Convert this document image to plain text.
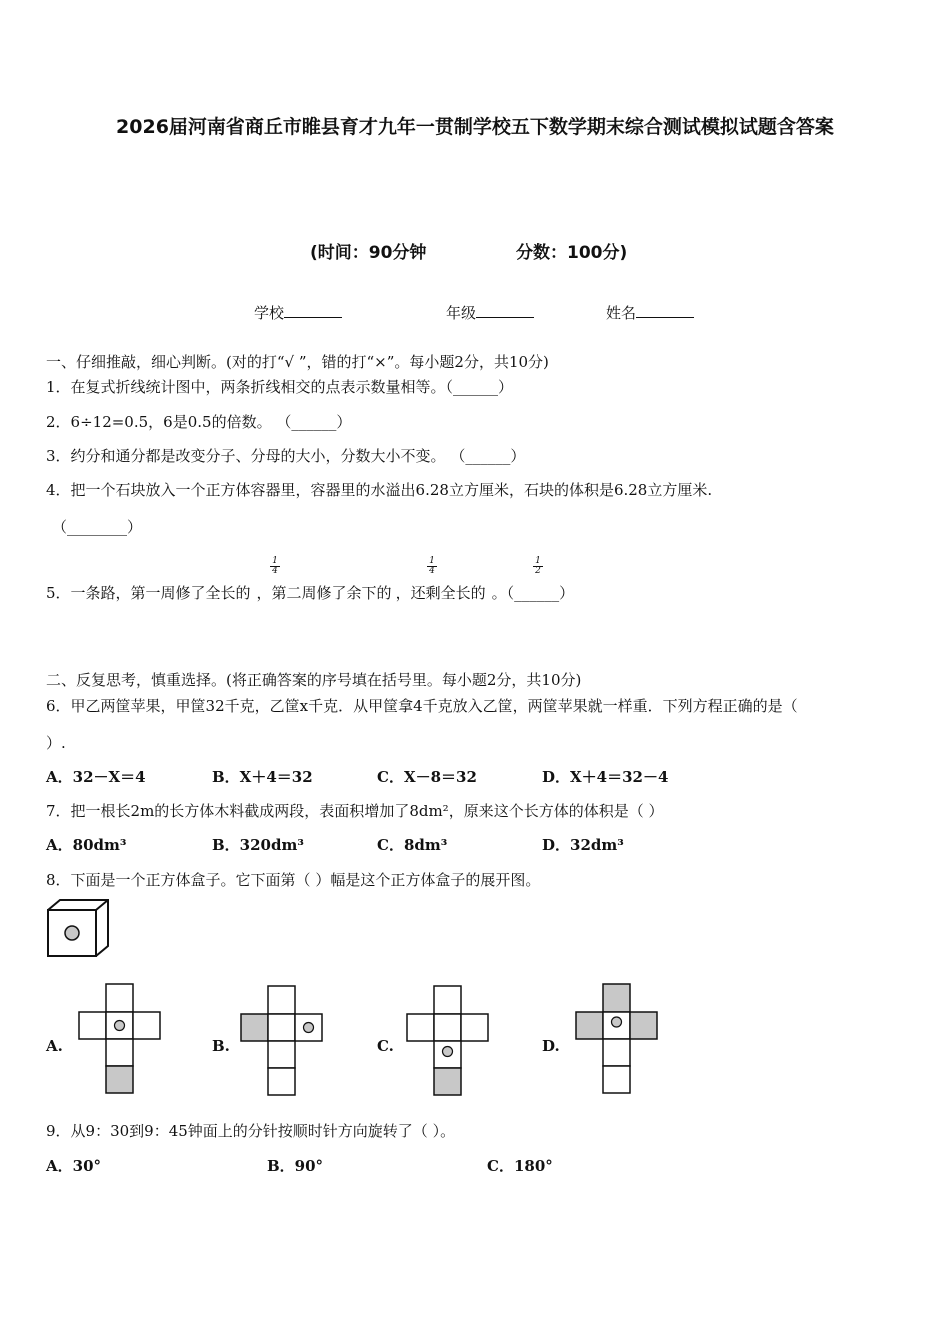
2026届河南省商丘市睢县育才九年一贯制学校五下数学期末综合测试模拟试题含答案
(时间：90分钟	分数：100分)
学校	年级	姓名
一、仔细推敲，细心判断。(对的打“√ ”，错的打“×”。每小题2分，共10分)
1．在复式折线统计图中，两条折线相交的点表示数量相等。（______）
2．6÷12=0.5，6是0.5的倍数。 （______）
3．约分和通分都是改变分子、分母的大小，分数大小不变。 （______）
4．把一个石块放入一个正方体容器里，容器里的水溢出6.28立方厘米，石块的体积是6.28立方厘米.
（________）
5．一条路，第一周修了全长的 ，第二周修了余下的 ，还剩全长的 。（______）
$\frac{1}{4}$	$\frac{1}{4}$	$\frac{1}{2}$
二、反复思考，慎重选择。(将正确答案的序号填在括号里。每小题2分，共10分)
6．甲乙两筐苹果，甲筐32千克，乙筐x千克．从甲筐拿4千克放入乙筐，两筐苹果就一样重．下列方程正确的是（
）.
A．32－X＝4	B．X＋4＝32	C．X－8＝32	D．X＋4＝32－4
7．把一根长2m的长方体木料截成两段，表面积增加了8dm²，原来这个长方体的体积是（ ）
A．80dm³	B．320dm³	C．8dm³	D．32dm³
8．下面是一个正方体盒子。它下面第（ ）幅是这个正方体盒子的展开图。
A.	B.	C.	D.
9．从9：30到9：45钟面上的分针按顺时针方向旋转了（ ）。
A．30°	B．90°	C．180°
